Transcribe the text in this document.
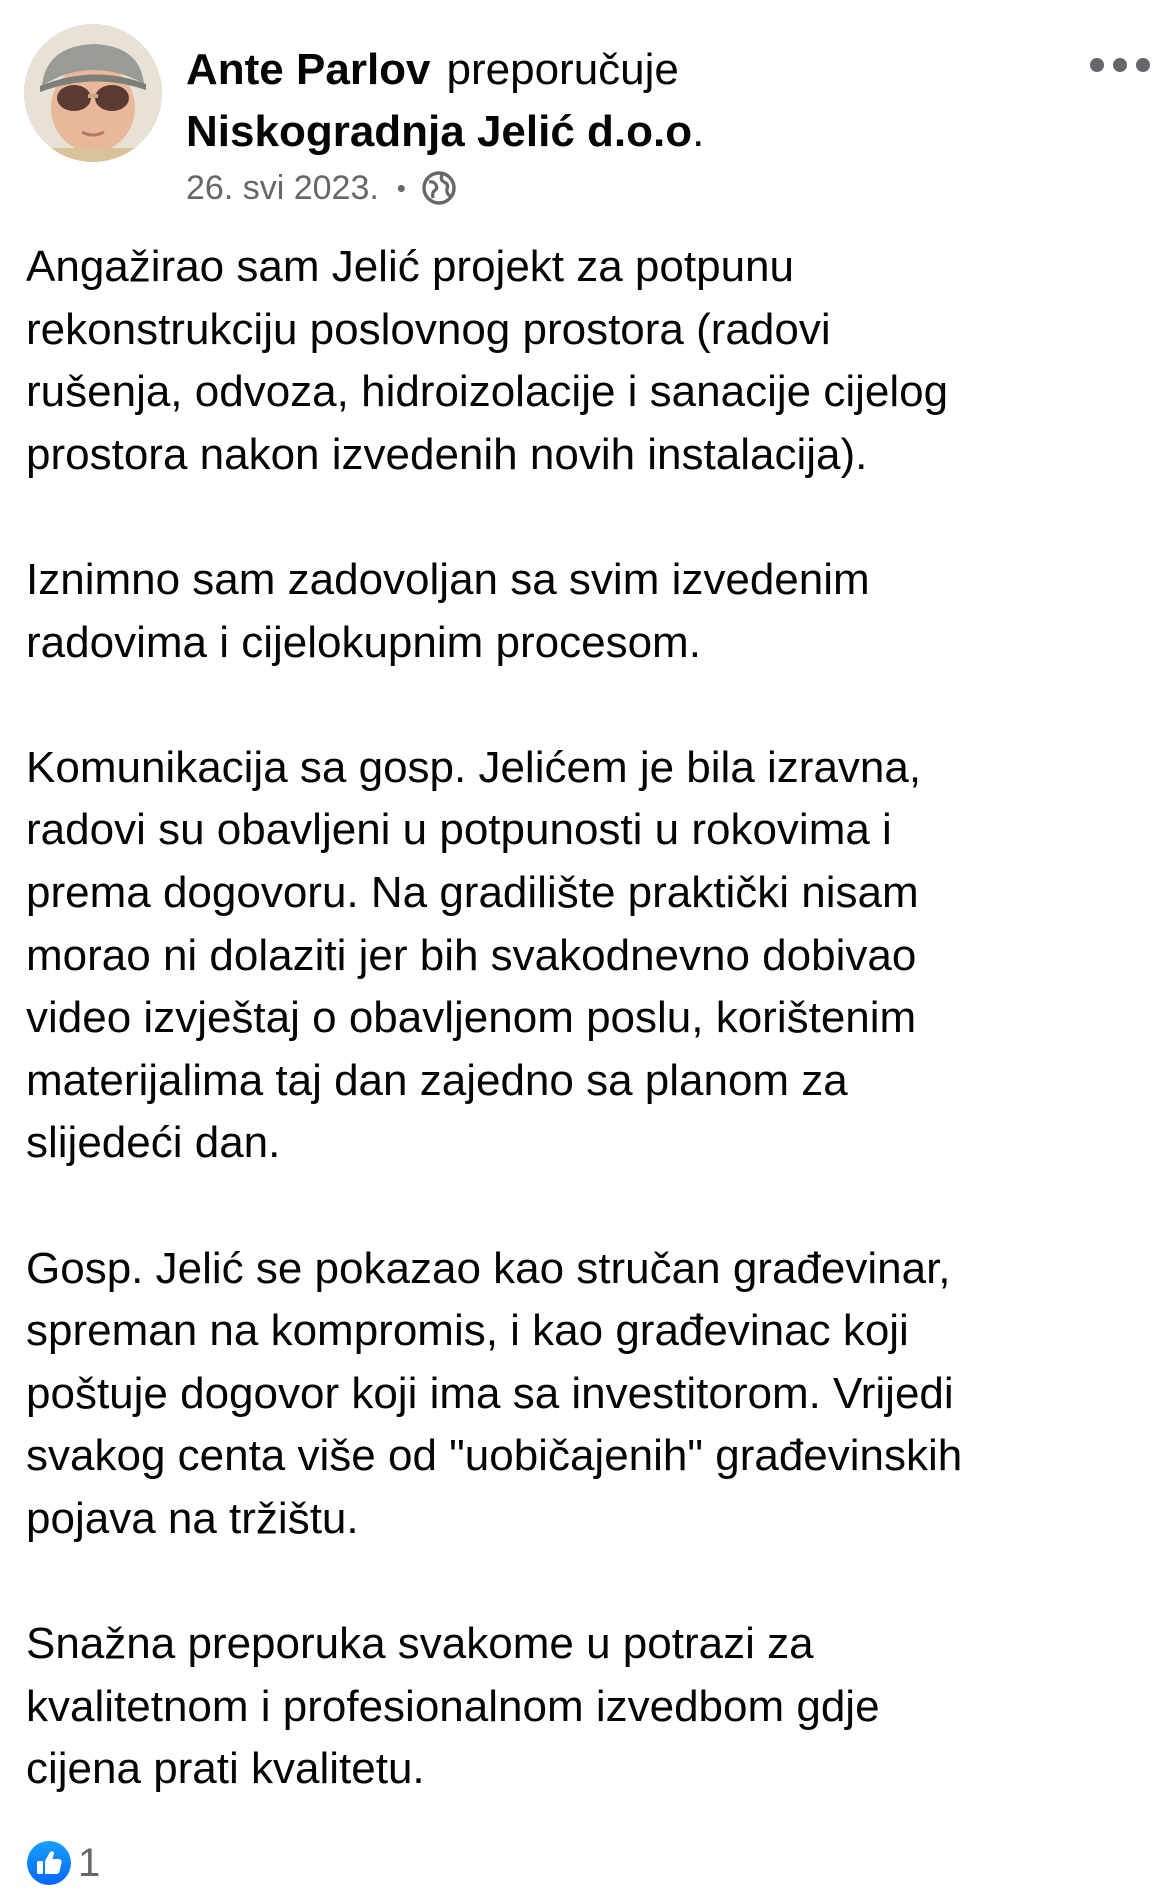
Ante Parlov preporučuje
Niskogradnja Jelić d.o.o.
26. svi 2023. •

Angažirao sam Jelić projekt za potpunu
rekonstrukciju poslovnog prostora (radovi
rušenja, odvoza, hidroizolacije i sanacije cijelog
prostora nakon izvedenih novih instalacija).

Iznimno sam zadovoljan sa svim izvedenim
radovima i cijelokupnim procesom.

Komunikacija sa gosp. Jelićem je bila izravna,
radovi su obavljeni u potpunosti u rokovima i
prema dogovoru. Na gradilište praktički nisam
morao ni dolaziti jer bih svakodnevno dobivao
video izvještaj o obavljenom poslu, korištenim
materijalima taj dan zajedno sa planom za
slijedeći dan.

Gosp. Jelić se pokazao kao stručan građevinar,
spreman na kompromis, i kao građevinac koji
poštuje dogovor koji ima sa investitorom. Vrijedi
svakog centa više od "uobičajenih" građevinskih
pojava na tržištu.

Snažna preporuka svakome u potrazi za
kvalitetnom i profesionalnom izvedbom gdje
cijena prati kvalitetu.

1
